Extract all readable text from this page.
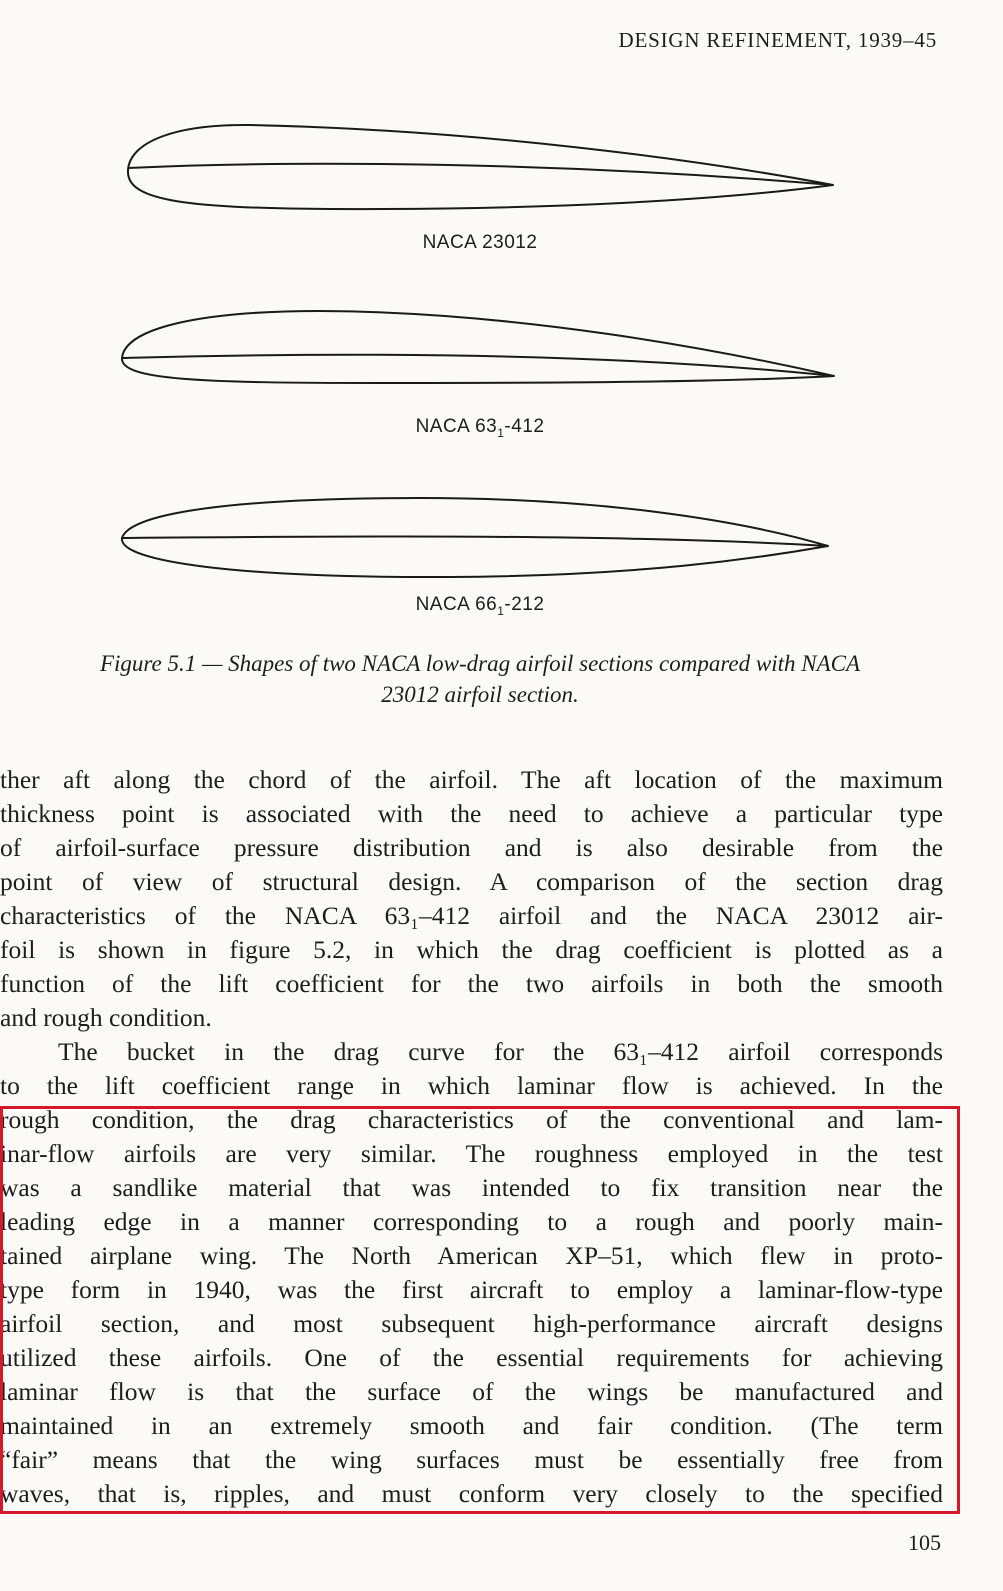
DESIGN REFINEMENT, 1939–45
NACA 23012
NACA $63_1-412$
NACA $66_1-212$
Figure 5.1 — Shapes of two NACA low-drag airfoil sections compared with NACA
23012 airfoil section.
ther aft along the chord of the airfoil. The aft location of the maximum
thickness point is associated with the need to achieve a particular type
of airfoil-surface pressure distribution and is also desirable from the
point of view of structural design. A comparison of the section drag
characteristics of the NACA 63₁–412 airfoil and the NACA 23012 air-
foil is shown in figure 5.2, in which the drag coefficient is plotted as a
function of the lift coefficient for the two airfoils in both the smooth
and rough condition.
The bucket in the drag curve for the 63₁–412 airfoil corresponds
to the lift coefficient range in which laminar flow is achieved. In the
rough condition, the drag characteristics of the conventional and lam-
inar-flow airfoils are very similar. The roughness employed in the test
was a sandlike material that was intended to fix transition near the
leading edge in a manner corresponding to a rough and poorly main-
tained airplane wing. The North American XP–51, which flew in proto-
type form in 1940, was the first aircraft to employ a laminar-flow-type
airfoil section, and most subsequent high-performance aircraft designs
utilized these airfoils. One of the essential requirements for achieving
laminar flow is that the surface of the wings be manufactured and
maintained in an extremely smooth and fair condition. (The term
“fair” means that the wing surfaces must be essentially free from
waves, that is, ripples, and must conform very closely to the specified
105
